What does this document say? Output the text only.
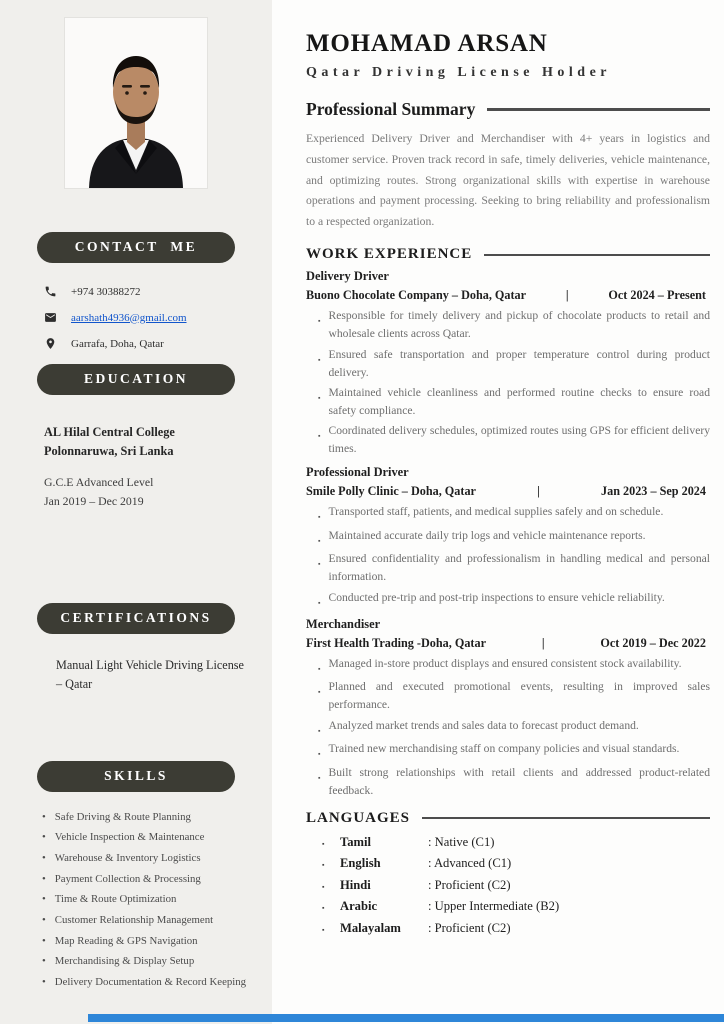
CONTACT ME
+974 30388272
aarshath4936@gmail.com
Garrafa, Doha, Qatar
EDUCATION
AL Hilal Central College
Polonnaruwa, Sri Lanka
G.C.E Advanced Level
Jan 2019 – Dec 2019
CERTIFICATIONS
Manual Light Vehicle Driving License – Qatar
SKILLS
•
Safe Driving & Route Planning
•
Vehicle Inspection & Maintenance
•
Warehouse & Inventory Logistics
•
Payment Collection & Processing
•
Time & Route Optimization
•
Customer Relationship Management
•
Map Reading & GPS Navigation
•
Merchandising & Display Setup
•
Delivery Documentation & Record Keeping
MOHAMAD ARSAN
Qatar Driving License Holder
Professional Summary

Experienced Delivery Driver and Merchandiser with 4+ years in logistics and customer service. Proven track record in safe, timely deliveries, vehicle maintenance, and optimizing routes. Strong organizational skills with expertise in warehouse operations and payment processing. Seeking to bring reliability and professionalism to a respected organization.

WORK EXPERIENCE
Delivery Driver
Buono Chocolate Company – Doha, Qatar	|	Oct 2024 – Present
▪
Responsible for timely delivery and pickup of chocolate products to retail and wholesale clients across Qatar.
▪
Ensured safe transportation and proper temperature control during product delivery.
▪
Maintained vehicle cleanliness and performed routine checks to ensure road safety compliance.
▪
Coordinated delivery schedules, optimized routes using GPS for efficient delivery times.
Professional Driver
Smile Polly Clinic – Doha, Qatar	|	Jan 2023 – Sep 2024
▪
Transported staff, patients, and medical supplies safely and on schedule.
▪
Maintained accurate daily trip logs and vehicle maintenance reports.
▪
Ensured confidentiality and professionalism in handling medical and personal information.
▪
Conducted pre-trip and post-trip inspections to ensure vehicle reliability.
Merchandiser
First Health Trading -Doha, Qatar	|	Oct 2019 – Dec 2022
▪
Managed in-store product displays and ensured consistent stock availability.
▪
Planned and executed promotional events, resulting in improved sales performance.
▪
Analyzed market trends and sales data to forecast product demand.
▪
Trained new merchandising staff on company policies and visual standards.
▪
Built strong relationships with retail clients and addressed product-related feedback.
LANGUAGES
▪
Tamil	: Native (C1)
▪
English	: Advanced (C1)
▪
Hindi	: Proficient (C2)
▪
Arabic	: Upper Intermediate (B2)
▪
Malayalam	: Proficient (C2)
